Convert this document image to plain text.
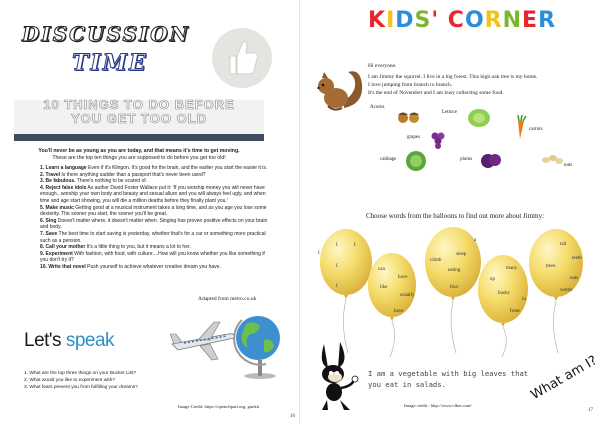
DISCUSSION
TIME
10 THINGS TO DO BEFORE
YOU GET TOO OLD
You'll never be as young as you are today, and that means it's time to get moving.
These are the top ten things you are supposed to do before you get too old!
1. Learn a language Even if it's Klingon. It's good for the brain, and the earlier you start the easier it is.
2. Travel Is there anything sadder than a passport that's never been used?
3. Be fabulous. There's nothing to be scared of.
4. Reject false idols As author David Foster Wallace put it: 'If you worship money you will never have enough...worship your own body and beauty and sexual allure and you will always feel ugly, and when time and age start showing, you will die a million deaths before they finally plant you.'
5. Make music Getting good at a musical instrument takes a long time, and as you age you lose some dexterity. The sooner you start, the sooner you'll be great.
6. Sing Doesn't matter where, it doesn't matter when. Singing has proven positive effects on your brain and body.
7. Save The best time to start saving is yesterday, whether that's for a car or something more practical such as a pension.
8. Call your mother It's a little thing to you, but it means a lot to her.
9. Experiment With fashion, with food, with culture....How will you know whether you like something if you don't try it?
10. Write that novel Push yourself to achieve whatever creative dream you have.
Adapted from metro.co.uk
Let's speak
1. What are the top three things on your Bucket List?
2. What would you like to experiment with?
3. What fears prevent you from fulfilling your dreams?
Image Credit: https://openclipart.org, gnokii
16
KIDS' CORNER
Hi everyone.
I am Jimmy the squirrel. I live in a big forest. This high oak tree is my home.
I love jumping from branch to branch.
It's the end of November and I am busy collecting some food.
Acorns
Lettuce
carrots
grapes
cabbage	plums
nuts
Choose words from the balloons to find out more about Jimmy:
I	I
I
I
I
can
have
like
usually
have
a
sleep
climb
eating
four
many
up
bushy
in
front
tail
teeth
trees
nuts
winter
I am a vegetable with big leaves that you eat in salads.
Image credit : http://www.clker.com/
17
What am I?
